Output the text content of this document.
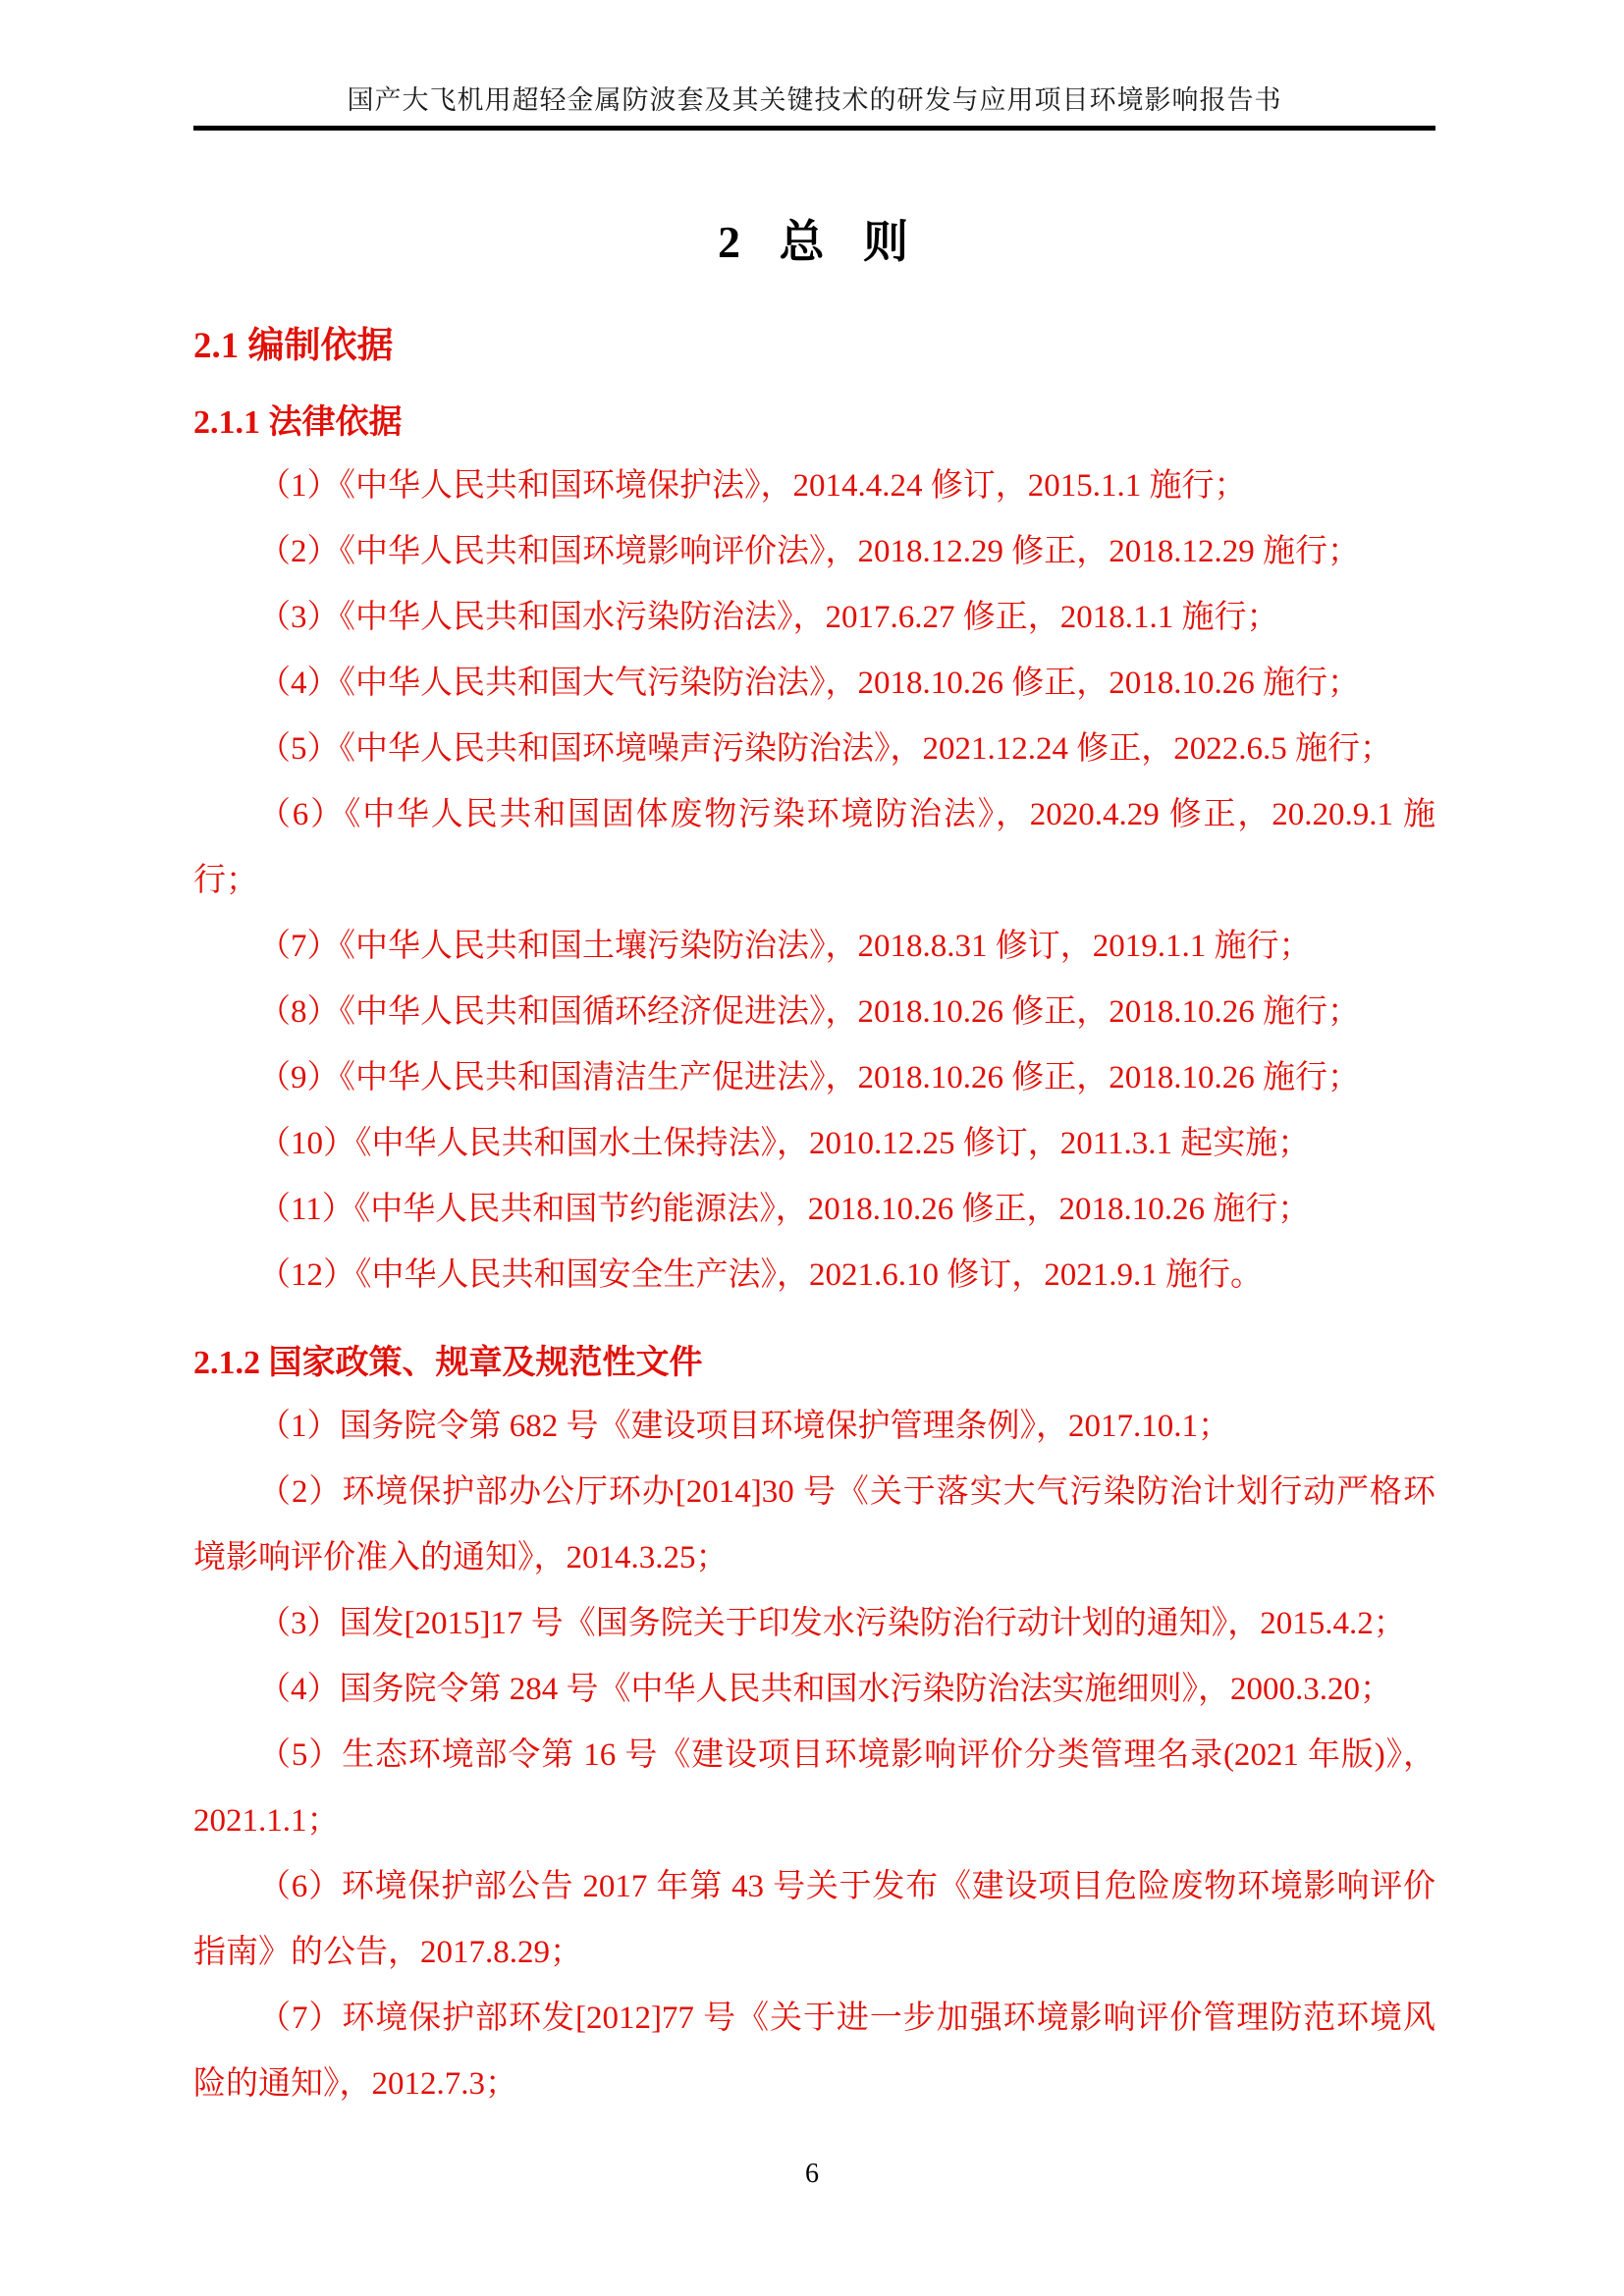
国产大飞机用超轻金属防波套及其关键技术的研发与应用项目环境影响报告书
2 总 则
2.1 编制依据
2.1.1 法律依据

（1）《中华人民共和国环境保护法》，2014.4.24 修订，2015.1.1 施行；

（2）《中华人民共和国环境影响评价法》，2018.12.29 修正，2018.12.29 施行；

（3）《中华人民共和国水污染防治法》，2017.6.27 修正，2018.1.1 施行；

（4）《中华人民共和国大气污染防治法》，2018.10.26 修正，2018.10.26 施行；

（5）《中华人民共和国环境噪声污染防治法》，2021.12.24 修正，2022.6.5 施行；

（6）《中华人民共和国固体废物污染环境防治法》，2020.4.29 修正，20.20.9.1 施行；

（7）《中华人民共和国土壤污染防治法》，2018.8.31 修订，2019.1.1 施行；

（8）《中华人民共和国循环经济促进法》，2018.10.26 修正，2018.10.26 施行；

（9）《中华人民共和国清洁生产促进法》，2018.10.26 修正，2018.10.26 施行；

（10）《中华人民共和国水土保持法》，2010.12.25 修订，2011.3.1 起实施；

（11）《中华人民共和国节约能源法》，2018.10.26 修正，2018.10.26 施行；

（12）《中华人民共和国安全生产法》，2021.6.10 修订，2021.9.1 施行。

2.1.2 国家政策、规章及规范性文件

（1）国务院令第 682 号《建设项目环境保护管理条例》，2017.10.1；

（2）环境保护部办公厅环办[2014]30 号《关于落实大气污染防治计划行动严格环境影响评价准入的通知》，2014.3.25；

（3）国发[2015]17 号《国务院关于印发水污染防治行动计划的通知》，2015.4.2；

（4）国务院令第 284 号《中华人民共和国水污染防治法实施细则》，2000.3.20；

（5）生态环境部令第 16 号《建设项目环境影响评价分类管理名录(2021 年版)》，2021.1.1；

（6）环境保护部公告 2017 年第 43 号关于发布《建设项目危险废物环境影响评价指南》的公告，2017.8.29；

（7）环境保护部环发[2012]77 号《关于进一步加强环境影响评价管理防范环境风险的通知》，2012.7.3；

6
